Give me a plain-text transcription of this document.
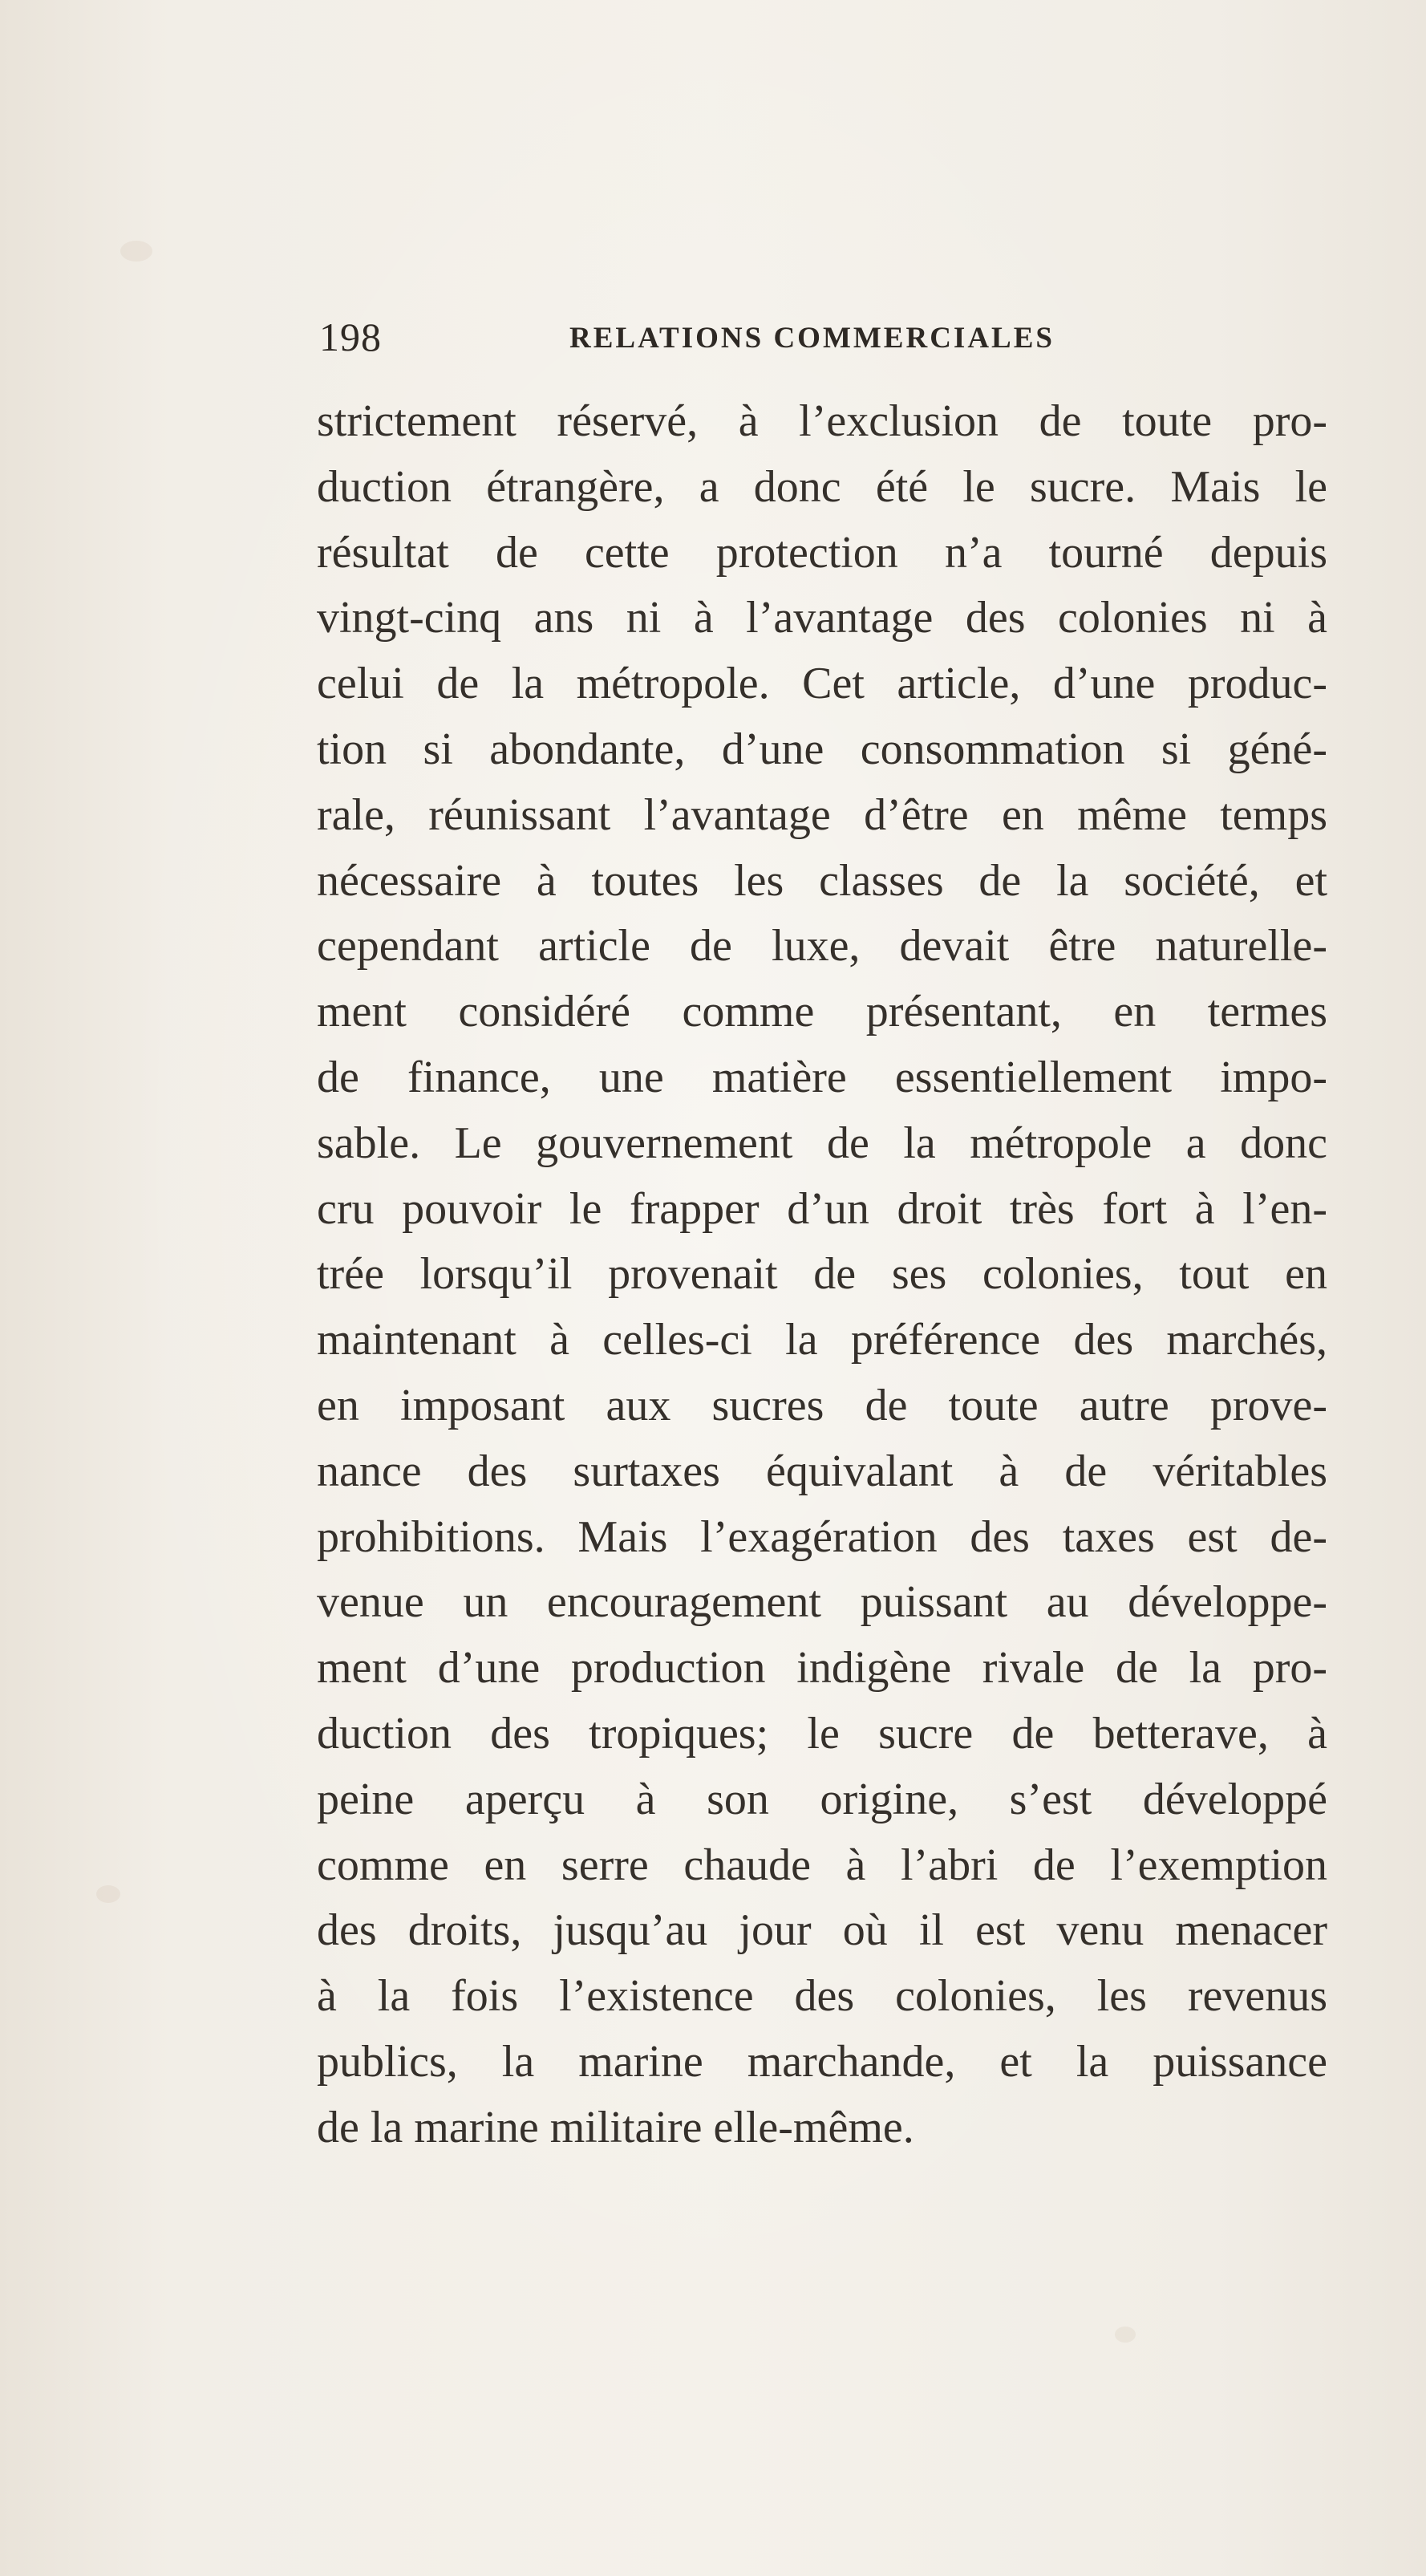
198	RELATIONS COMMERCIALES
strictement réservé, à l’exclusion de toute pro-
duction étrangère, a donc été le sucre. Mais le
résultat de cette protection n’a tourné depuis
vingt-cinq ans ni à l’avantage des colonies ni à
celui de la métropole. Cet article, d’une produc-
tion si abondante, d’une consommation si géné-
rale, réunissant l’avantage d’être en même temps
nécessaire à toutes les classes de la société, et
cependant article de luxe, devait être naturelle-
ment considéré comme présentant, en termes
de finance, une matière essentiellement impo-
sable. Le gouvernement de la métropole a donc
cru pouvoir le frapper d’un droit très fort à l’en-
trée lorsqu’il provenait de ses colonies, tout en
maintenant à celles-ci la préférence des marchés,
en imposant aux sucres de toute autre prove-
nance des surtaxes équivalant à de véritables
prohibitions. Mais l’exagération des taxes est de-
venue un encouragement puissant au développe-
ment d’une production indigène rivale de la pro-
duction des tropiques; le sucre de betterave, à
peine aperçu à son origine, s’est développé
comme en serre chaude à l’abri de l’exemption
des droits, jusqu’au jour où il est venu menacer
à la fois l’existence des colonies, les revenus
publics, la marine marchande, et la puissance
de la marine militaire elle-même.
